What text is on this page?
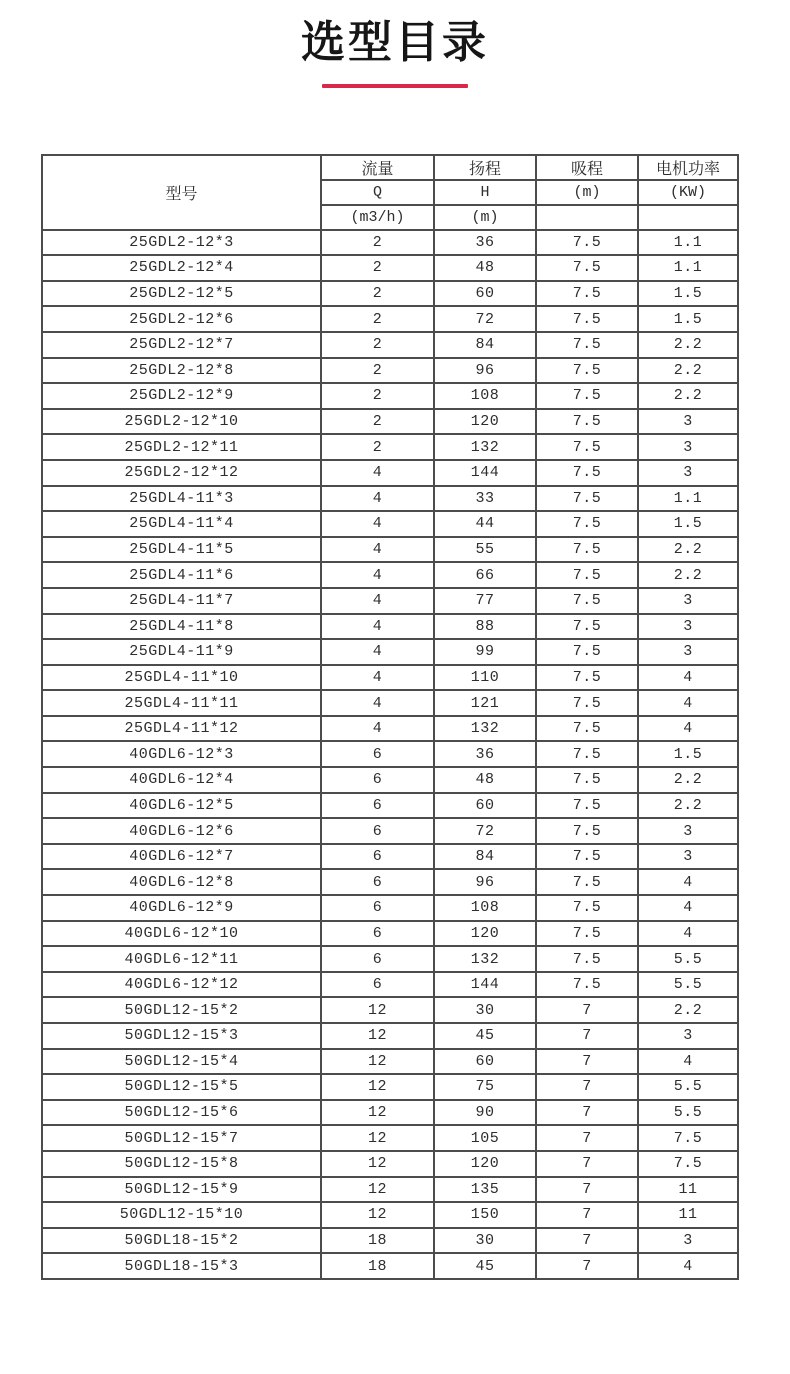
选型目录
型号	流量	扬程	吸程	电机功率
	Q	H	(m)	(KW)
	(m3/h)	(m)		
25GDL2-12*3	2	36	7.5	1.1
25GDL2-12*4	2	48	7.5	1.1
25GDL2-12*5	2	60	7.5	1.5
25GDL2-12*6	2	72	7.5	1.5
25GDL2-12*7	2	84	7.5	2.2
25GDL2-12*8	2	96	7.5	2.2
25GDL2-12*9	2	108	7.5	2.2
25GDL2-12*10	2	120	7.5	3
25GDL2-12*11	2	132	7.5	3
25GDL2-12*12	4	144	7.5	3
25GDL4-11*3	4	33	7.5	1.1
25GDL4-11*4	4	44	7.5	1.5
25GDL4-11*5	4	55	7.5	2.2
25GDL4-11*6	4	66	7.5	2.2
25GDL4-11*7	4	77	7.5	3
25GDL4-11*8	4	88	7.5	3
25GDL4-11*9	4	99	7.5	3
25GDL4-11*10	4	110	7.5	4
25GDL4-11*11	4	121	7.5	4
25GDL4-11*12	4	132	7.5	4
40GDL6-12*3	6	36	7.5	1.5
40GDL6-12*4	6	48	7.5	2.2
40GDL6-12*5	6	60	7.5	2.2
40GDL6-12*6	6	72	7.5	3
40GDL6-12*7	6	84	7.5	3
40GDL6-12*8	6	96	7.5	4
40GDL6-12*9	6	108	7.5	4
40GDL6-12*10	6	120	7.5	4
40GDL6-12*11	6	132	7.5	5.5
40GDL6-12*12	6	144	7.5	5.5
50GDL12-15*2	12	30	7	2.2
50GDL12-15*3	12	45	7	3
50GDL12-15*4	12	60	7	4
50GDL12-15*5	12	75	7	5.5
50GDL12-15*6	12	90	7	5.5
50GDL12-15*7	12	105	7	7.5
50GDL12-15*8	12	120	7	7.5
50GDL12-15*9	12	135	7	11
50GDL12-15*10	12	150	7	11
50GDL18-15*2	18	30	7	3
50GDL18-15*3	18	45	7	4
